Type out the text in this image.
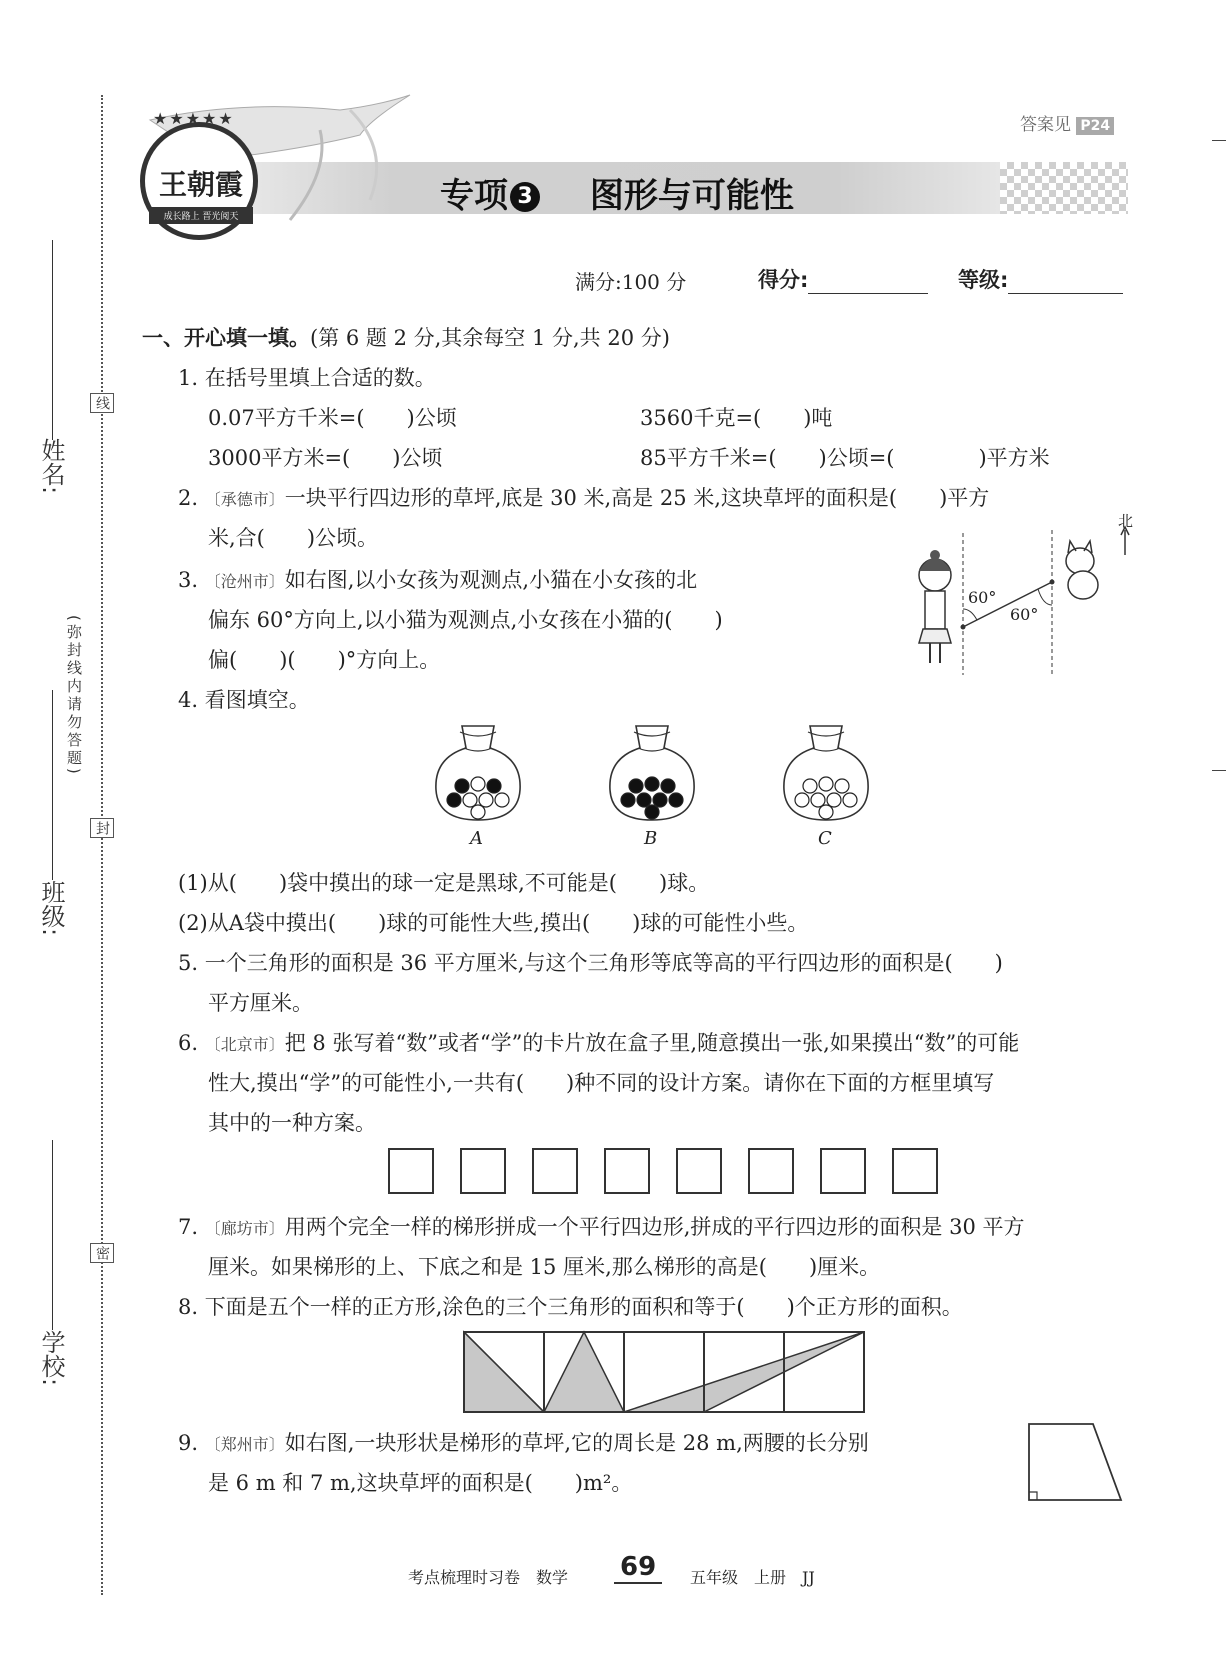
姓名:
班级:
学校:
(弥封线内请勿答题)
线
封
密
答案见 P24
★★★★★
王朝霞
成长路上 晋光阅天
专项 3 图形与可能性
满分:100 分	得分:	等级:
一、开心填一填。(第 6 题 2 分,其余每空 1 分,共 20 分)
1. 在括号里填上合适的数。
0.07平方千米=(　　)公顷	3560千克=(　　)吨
3000平方米=(　　)公顷	85平方千米=(　　)公顷=(　　　　)平方米
2. 〔承德市〕一块平行四边形的草坪,底是 30 米,高是 25 米,这块草坪的面积是(　　)平方
米,合(　　)公顷。
3. 〔沧州市〕如右图,以小女孩为观测点,小猫在小女孩的北
偏东 60°方向上,以小猫为观测点,小女孩在小猫的(　　)
偏(　　)(　　)°方向上。
北
60°
60°
4. 看图填空。
A	B	C
(1)从(　　)袋中摸出的球一定是黑球,不可能是(　　)球。
(2)从A袋中摸出(　　)球的可能性大些,摸出(　　)球的可能性小些。
5. 一个三角形的面积是 36 平方厘米,与这个三角形等底等高的平行四边形的面积是(　　)
平方厘米。
6. 〔北京市〕把 8 张写着“数”或者“学”的卡片放在盒子里,随意摸出一张,如果摸出“数”的可能
性大,摸出“学”的可能性小,一共有(　　)种不同的设计方案。请你在下面的方框里填写
其中的一种方案。
7. 〔廊坊市〕用两个完全一样的梯形拼成一个平行四边形,拼成的平行四边形的面积是 30 平方
厘米。如果梯形的上、下底之和是 15 厘米,那么梯形的高是(　　)厘米。
8. 下面是五个一样的正方形,涂色的三个三角形的面积和等于(　　)个正方形的面积。
9. 〔郑州市〕如右图,一块形状是梯形的草坪,它的周长是 28 m,两腰的长分别
是 6 m 和 7 m,这块草坪的面积是(　　)m²。
考点梳理时习卷　数学 69	五年级　上册　JJ
